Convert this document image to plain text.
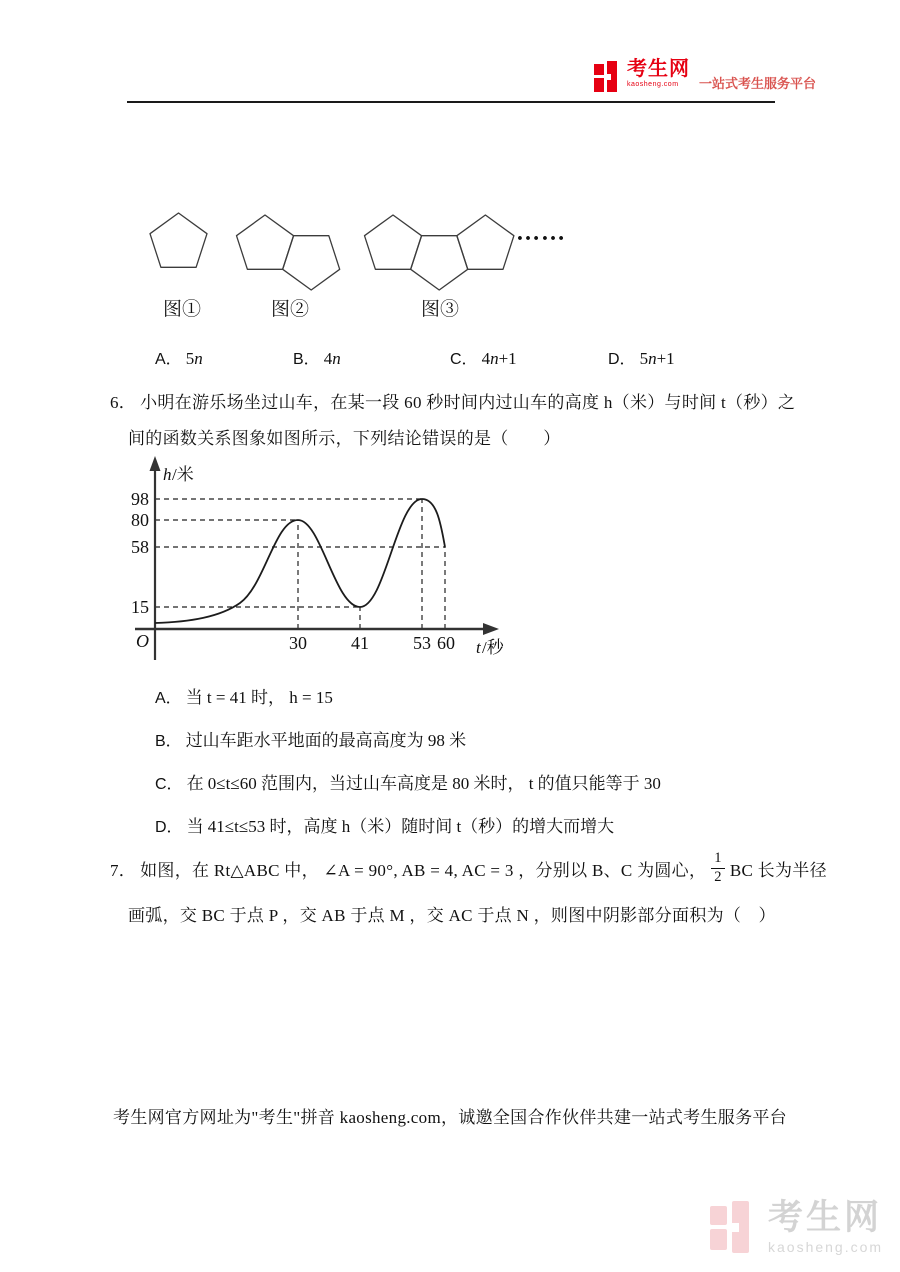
考生网
kaosheng.com	一站式考生服务平台
……
图①	图②	图③
A． 5n	B． 4n	C． 4n+1	D． 5n+1
6． 小明在游乐场坐过山车，在某一段 60 秒时间内过山车的高度 h（米）与时间 t（秒）之
间的函数关系图象如图所示，下列结论错误的是（　　）
h /米
t /秒
O
98
80
58
15
30 41 53 60
A． 当 t = 41 时， h = 15
B． 过山车距水平地面的最高高度为 98 米
C． 在 0≤t≤60 范围内，当过山车高度是 80 米时， t 的值只能等于 30
D． 当 41≤t≤53 时，高度 h（米）随时间 t（秒）的增大而增大
7． 如图，在 Rt△ABC 中， ∠A = 90°, AB = 4, AC = 3 ，分别以 B、C 为圆心， $\frac{1}{2}$ BC 长为半径
画弧，交 BC 于点 P ，交 AB 于点 M ，交 AC 于点 N ，则图中阴影部分面积为（　）
考生网官方网址为"考生"拼音 kaosheng.com，诚邀全国合作伙伴共建一站式考生服务平台
考生网
kaosheng.com
